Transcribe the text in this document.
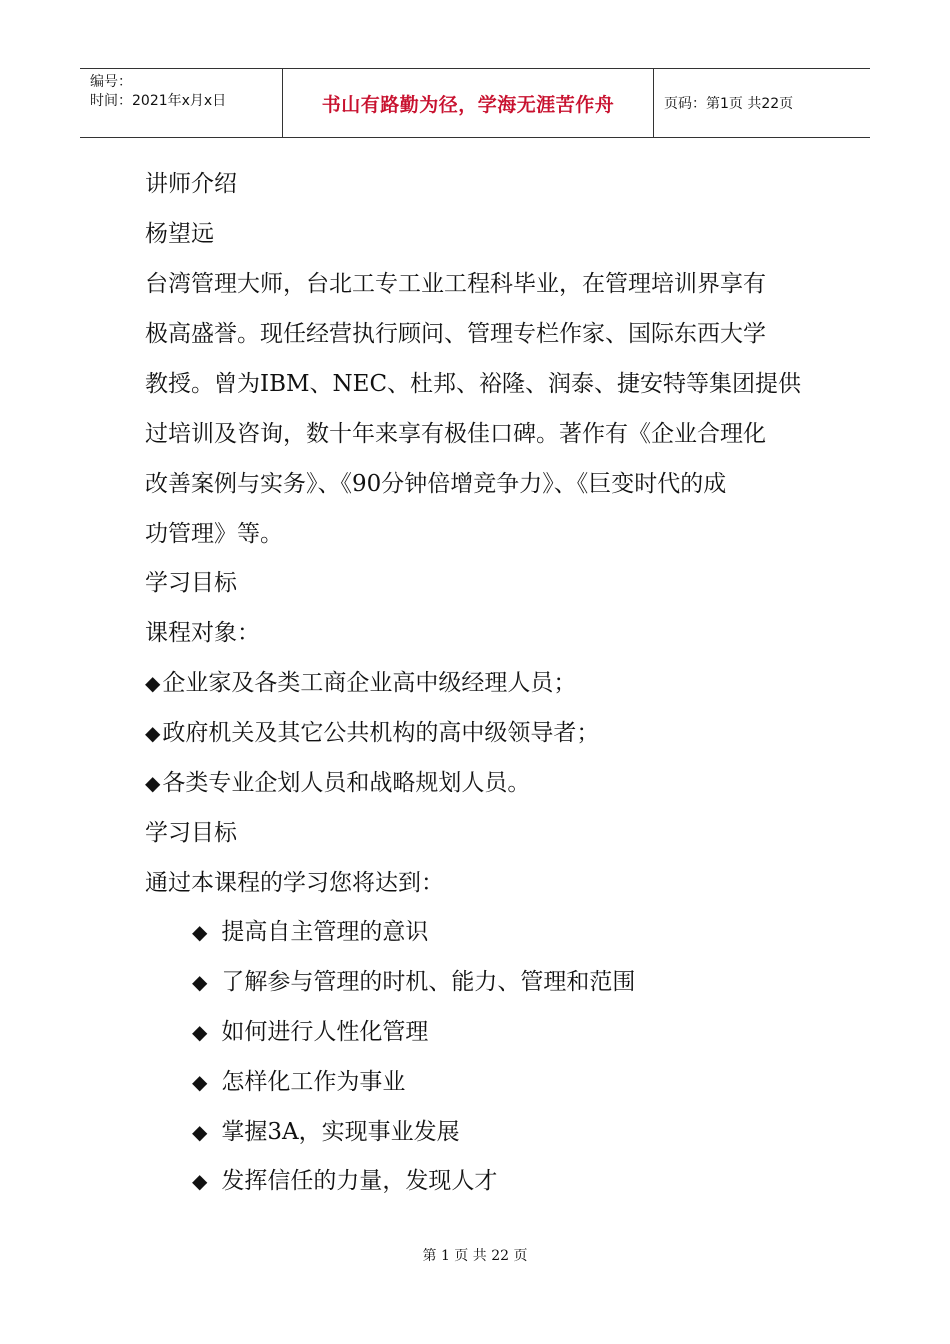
编号：
时间：2021年x月x日	书山有路勤为径，学海无涯苦作舟	页码：第1页 共22页
讲师介绍
杨望远
台湾管理大师，台北工专工业工程科毕业，在管理培训界享有
极高盛誉。现任经营执行顾问、管理专栏作家、国际东西大学
教授。曾为IBM、NEC、杜邦、裕隆、润泰、捷安特等集团提供
过培训及咨询，数十年来享有极佳口碑。著作有《企业合理化
改善案例与实务》、《90分钟倍增竞争力》、《巨变时代的成
功管理》等。
学习目标
课程对象：
◆企业家及各类工商企业高中级经理人员；
◆政府机关及其它公共机构的高中级领导者；
◆各类专业企划人员和战略规划人员。
学习目标
通过本课程的学习您将达到：
◆ 提高自主管理的意识
◆ 了解参与管理的时机、能力、管理和范围
◆ 如何进行人性化管理
◆ 怎样化工作为事业
◆ 掌握3A，实现事业发展
◆ 发挥信任的力量，发现人才
第 1 页 共 22 页
